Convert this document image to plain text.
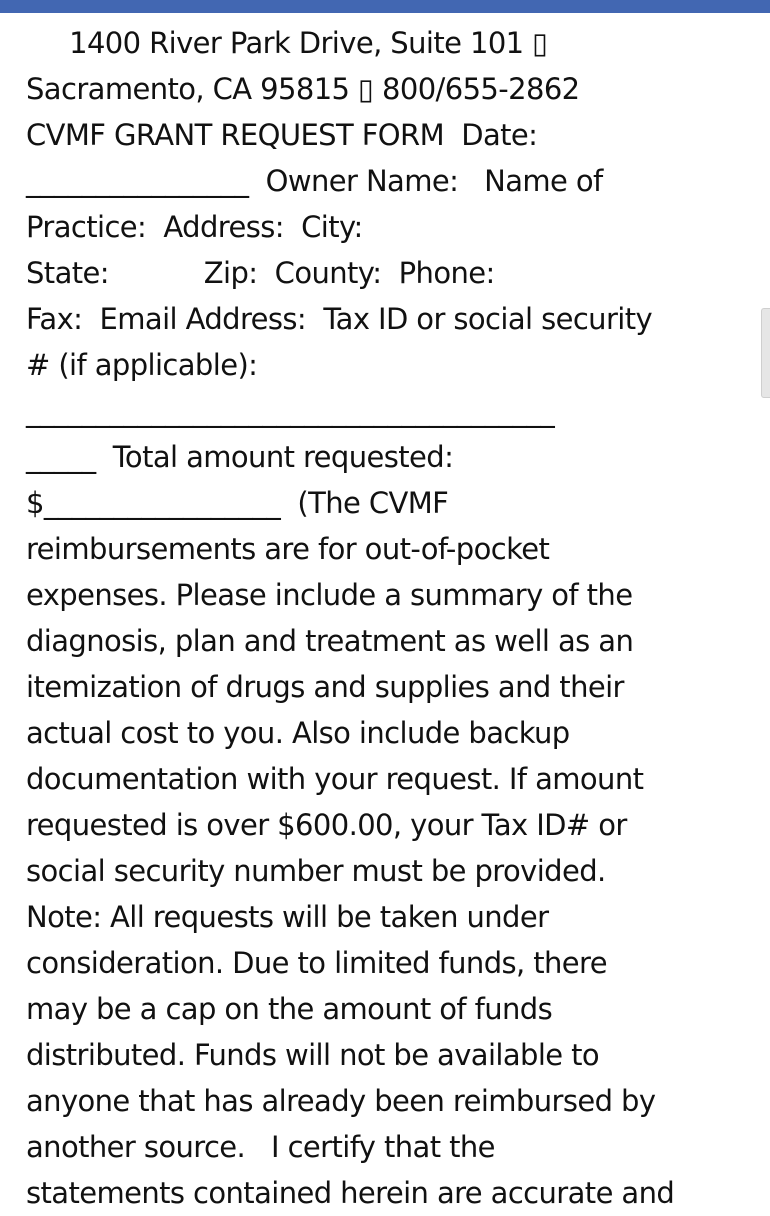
1400 River Park Drive, Suite 101 ▯
Sacramento, CA 95815 ▯ 800/655-2862
CVMF GRANT REQUEST FORM  Date:
________________  Owner Name:   Name of
Practice:  Address:  City:
State:           Zip:  County:  Phone:
Fax:  Email Address:  Tax ID or social security
# (if applicable):
______________________________________
_____  Total amount requested:
$_________________  (The CVMF
reimbursements are for out-of-pocket
expenses. Please include a summary of the
diagnosis, plan and treatment as well as an
itemization of drugs and supplies and their
actual cost to you. Also include backup
documentation with your request. If amount
requested is over $600.00, your Tax ID# or
social security number must be provided.
Note: All requests will be taken under
consideration. Due to limited funds, there
may be a cap on the amount of funds
distributed. Funds will not be available to
anyone that has already been reimbursed by
another source.   I certify that the
statements contained herein are accurate and
